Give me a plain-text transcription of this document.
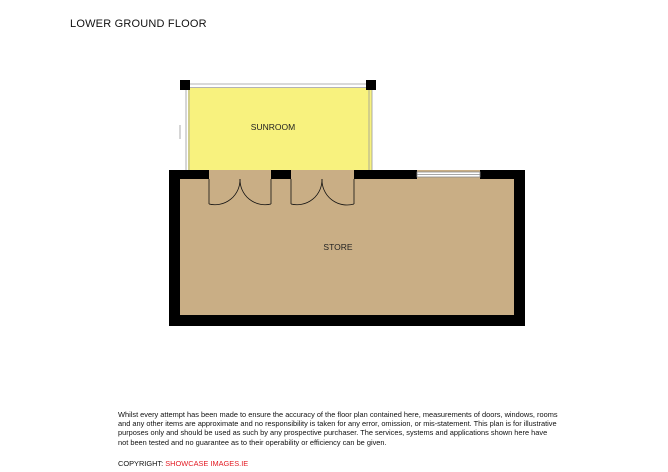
LOWER GROUND FLOOR
SUNROOM
STORE
Whilst every attempt has been made to ensure the accuracy of the floor plan contained here, measurements of doors, windows, rooms and any other items are approximate and no responsibility is taken for any error, omission, or mis-statement. This plan is for illustrative purposes only and should be used as such by any prospective purchaser. The services, systems and applications shown here have not been tested and no guarantee as to their operability or efficiency can be given.
COPYRIGHT: SHOWCASE IMAGES.IE
